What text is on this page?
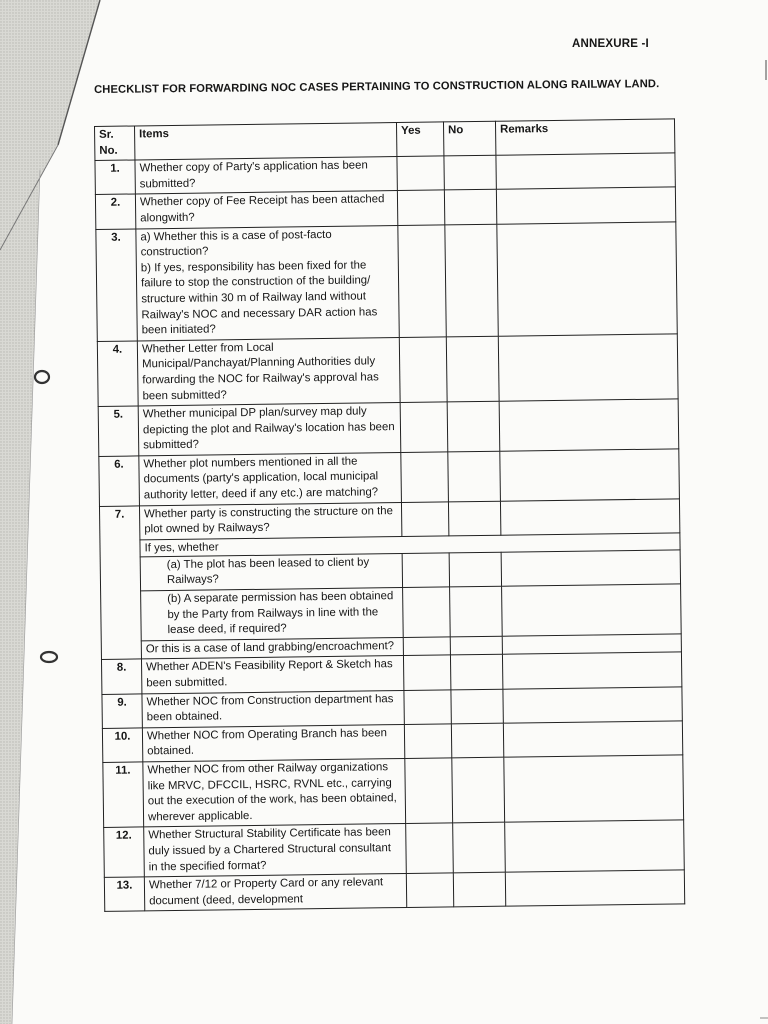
ANNEXURE -I
CHECKLIST FOR FORWARDING NOC CASES PERTAINING TO CONSTRUCTION ALONG RAILWAY LAND.
Sr. No.	Items	Yes	No	Remarks
1.	Whether copy of Party's application has been submitted?			
2.	Whether copy of Fee Receipt has been attached alongwith?			
3.	a) Whether this is a case of post-facto construction?
b) If yes, responsibility has been fixed for the failure to stop the construction of the building/ structure within 30 m of Railway land without Railway's NOC and necessary DAR action has been initiated?			

4.	Whether Letter from Local Municipal/Panchayat/Planning Authorities duly forwarding the NOC for Railway's approval has been submitted?			
5.	Whether municipal DP plan/survey map duly depicting the plot and Railway's location has been submitted?			
6.	Whether plot numbers mentioned in all the documents (party's application, local municipal authority letter, deed if any etc.) are matching?			
7.	Whether party is constructing the structure on the plot owned by Railways?			
	If yes, whether			

	(a) The plot has been leased to client by Railways?			

	(b) A separate permission has been obtained by the Party from Railways in line with the lease deed, if required?			

	Or this is a case of land grabbing/encroachment?			
8.	Whether ADEN's Feasibility Report & Sketch has been submitted.			
9.	Whether NOC from Construction department has been obtained.			
10.	Whether NOC from Operating Branch has been obtained.			
11.	Whether NOC from other Railway organizations like MRVC, DFCCIL, HSRC, RVNL etc., carrying out the execution of the work, has been obtained, wherever applicable.			
12.	Whether Structural Stability Certificate has been duly issued by a Chartered Structural consultant in the specified format?			
13.	Whether 7/12 or Property Card or any relevant document (deed, development			
